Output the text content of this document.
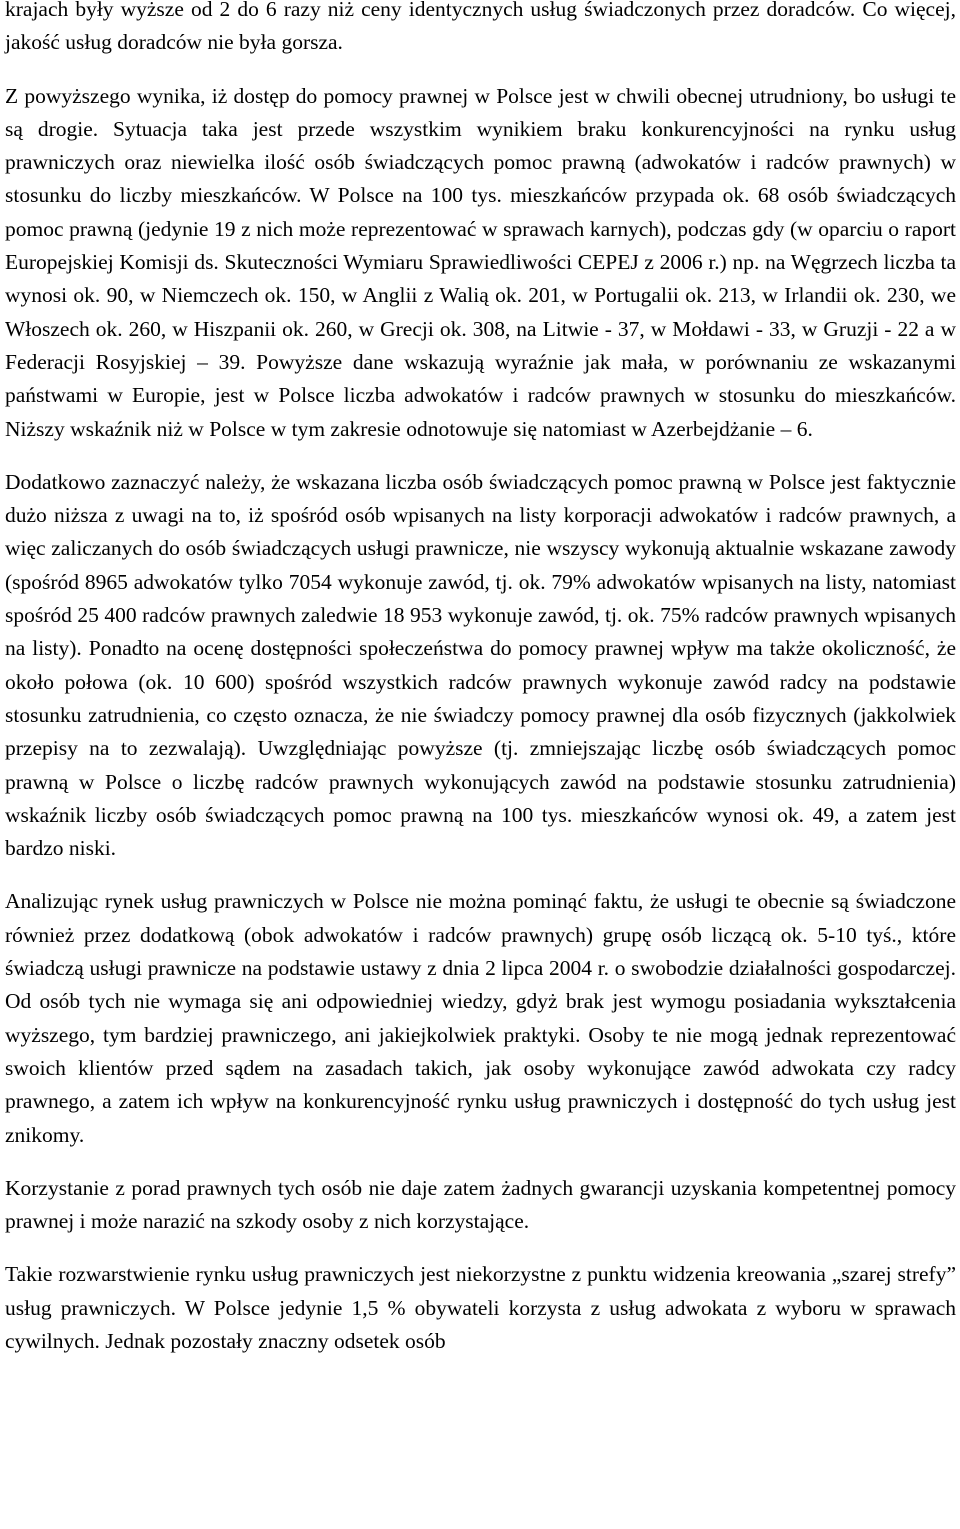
krajach były wyższe od 2 do 6 razy niż ceny identycznych usług świadczonych przez doradców. Co więcej, jakość usług doradców nie była gorsza.

Z powyższego wynika, iż dostęp do pomocy prawnej w Polsce jest w chwili obecnej utrudniony, bo usługi te są drogie. Sytuacja taka jest przede wszystkim wynikiem braku konkurencyjności na rynku usług prawniczych oraz niewielka ilość osób świadczących pomoc prawną (adwokatów i radców prawnych) w stosunku do liczby mieszkańców. W Polsce na 100 tys. mieszkańców przypada ok. 68 osób świadczących pomoc prawną (jedynie 19 z nich może reprezentować w sprawach karnych), podczas gdy (w oparciu o raport Europejskiej Komisji ds. Skuteczności Wymiaru Sprawiedliwości CEPEJ z 2006 r.) np. na Węgrzech liczba ta wynosi ok. 90, w Niemczech ok. 150, w Anglii z Walią ok. 201, w Portugalii ok. 213, w Irlandii ok. 230, we Włoszech ok. 260, w Hiszpanii ok. 260, w Grecji ok. 308, na Litwie - 37, w Mołdawi - 33, w Gruzji - 22 a w Federacji Rosyjskiej – 39. Powyższe dane wskazują wyraźnie jak mała, w porównaniu ze wskazanymi państwami w Europie, jest w Polsce liczba adwokatów i radców prawnych w stosunku do mieszkańców. Niższy wskaźnik niż w Polsce w tym zakresie odnotowuje się natomiast w Azerbejdżanie – 6.

Dodatkowo zaznaczyć należy, że wskazana liczba osób świadczących pomoc prawną w Polsce jest faktycznie dużo niższa z uwagi na to, iż spośród osób wpisanych na listy korporacji adwokatów i radców prawnych, a więc zaliczanych do osób świadczących usługi prawnicze, nie wszyscy wykonują aktualnie wskazane zawody (spośród 8965 adwokatów tylko 7054 wykonuje zawód, tj. ok. 79% adwokatów wpisanych na listy, natomiast spośród 25 400 radców prawnych zaledwie 18 953 wykonuje zawód, tj. ok. 75% radców prawnych wpisanych na listy). Ponadto na ocenę dostępności społeczeństwa do pomocy prawnej wpływ ma także okoliczność, że około połowa (ok. 10 600) spośród wszystkich radców prawnych wykonuje zawód radcy na podstawie stosunku zatrudnienia, co często oznacza, że nie świadczy pomocy prawnej dla osób fizycznych (jakkolwiek przepisy na to zezwalają). Uwzględniając powyższe (tj. zmniejszając liczbę osób świadczących pomoc prawną w Polsce o liczbę radców prawnych wykonujących zawód na podstawie stosunku zatrudnienia) wskaźnik liczby osób świadczących pomoc prawną na 100 tys. mieszkańców wynosi ok. 49, a zatem jest bardzo niski.

Analizując rynek usług prawniczych w Polsce nie można pominąć faktu, że usługi te obecnie są świadczone również przez dodatkową (obok adwokatów i radców prawnych) grupę osób liczącą ok. 5-10 tyś., które świadczą usługi prawnicze na podstawie ustawy z dnia 2 lipca 2004 r. o swobodzie działalności gospodarczej. Od osób tych nie wymaga się ani odpowiedniej wiedzy, gdyż brak jest wymogu posiadania wykształcenia wyższego, tym bardziej prawniczego, ani jakiejkolwiek praktyki. Osoby te nie mogą jednak reprezentować swoich klientów przed sądem na zasadach takich, jak osoby wykonujące zawód adwokata czy radcy prawnego, a zatem ich wpływ na konkurencyjność rynku usług prawniczych i dostępność do tych usług jest znikomy.

Korzystanie z porad prawnych tych osób nie daje zatem żadnych gwarancji uzyskania kompetentnej pomocy prawnej i może narazić na szkody osoby z nich korzystające.

Takie rozwarstwienie rynku usług prawniczych jest niekorzystne z punktu widzenia kreowania „szarej strefy” usług prawniczych. W Polsce jedynie 1,5 % obywateli korzysta z usług adwokata z wyboru w sprawach cywilnych. Jednak pozostały znaczny odsetek osób
